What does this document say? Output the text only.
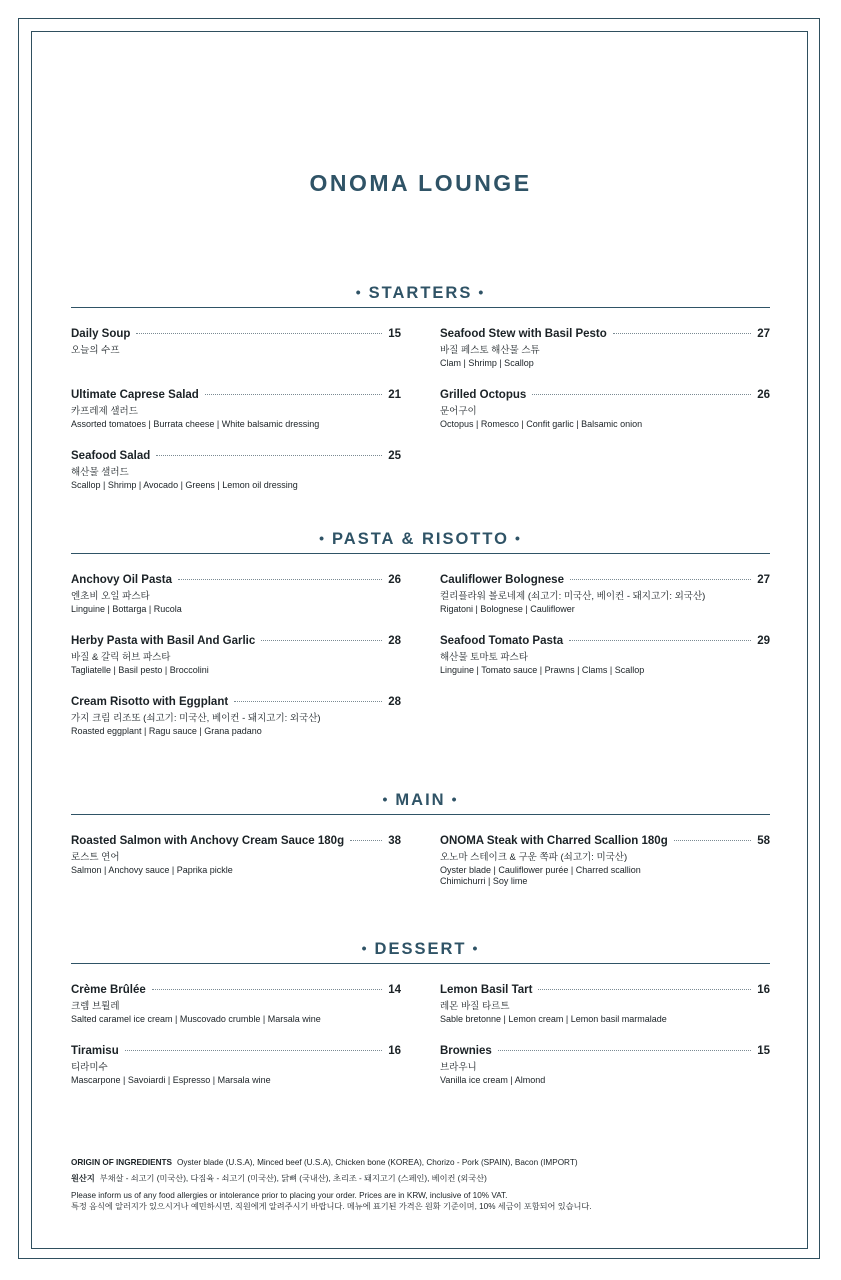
ONOMA LOUNGE
• STARTERS •
Daily Soup	15
오늘의 수프
Ultimate Caprese Salad	21
카프레제 샐러드
Assorted tomatoes | Burrata cheese | White balsamic dressing
Seafood Salad	25
해산물 샐러드
Scallop | Shrimp | Avocado | Greens | Lemon oil dressing
Seafood Stew with Basil Pesto	27
바질 페스토 해산물 스튜
Clam | Shrimp | Scallop
Grilled Octopus	26
문어구이
Octopus | Romesco | Confit garlic | Balsamic onion
• PASTA & RISOTTO •
Anchovy Oil Pasta	26
엔초비 오일 파스타
Linguine | Bottarga | Rucola
Herby Pasta with Basil And Garlic	28
바질 & 갈릭 허브 파스타
Tagliatelle | Basil pesto | Broccolini
Cream Risotto with Eggplant	28
가지 크림 리조또 (쇠고기: 미국산, 베이컨 - 돼지고기: 외국산)
Roasted eggplant | Ragu sauce | Grana padano
Cauliflower Bolognese	27
컬리플라워 볼로네제 (쇠고기: 미국산, 베이컨 - 돼지고기: 외국산)
Rigatoni | Bolognese | Cauliflower
Seafood Tomato Pasta	29
해산물 토마토 파스타
Linguine | Tomato sauce | Prawns | Clams | Scallop
• MAIN •
Roasted Salmon with Anchovy Cream Sauce 180g	38
로스트 연어
Salmon | Anchovy sauce | Paprika pickle
ONOMA Steak with Charred Scallion 180g	58
오노마 스테이크 & 구운 쪽파 (쇠고기: 미국산)
Oyster blade | Cauliflower purée | Charred scallion
Chimichurri | Soy lime
• DESSERT •
Crème Brûlée	14
크렘 브륄레
Salted caramel ice cream | Muscovado crumble | Marsala wine
Tiramisu	16
티라미수
Mascarpone | Savoiardi | Espresso | Marsala wine
Lemon Basil Tart	16
레몬 바질 타르트
Sable bretonne | Lemon cream | Lemon basil marmalade
Brownies	15
브라우니
Vanilla ice cream | Almond
ORIGIN OF INGREDIENTS Oyster blade (U.S.A), Minced beef (U.S.A), Chicken bone (KOREA), Chorizo - Pork (SPAIN), Bacon (IMPORT)
원산지 부채살 - 쇠고기 (미국산), 다짐육 - 쇠고기 (미국산), 닭뼈 (국내산), 초리조 - 돼지고기 (스페인), 베이컨 (외국산)
Please inform us of any food allergies or intolerance prior to placing your order. Prices are in KRW, inclusive of 10% VAT.
특정 음식에 알러지가 있으시거나 예민하시면, 직원에게 알려주시기 바랍니다. 메뉴에 표기된 가격은 원화 기준이며, 10% 세금이 포함되어 있습니다.
